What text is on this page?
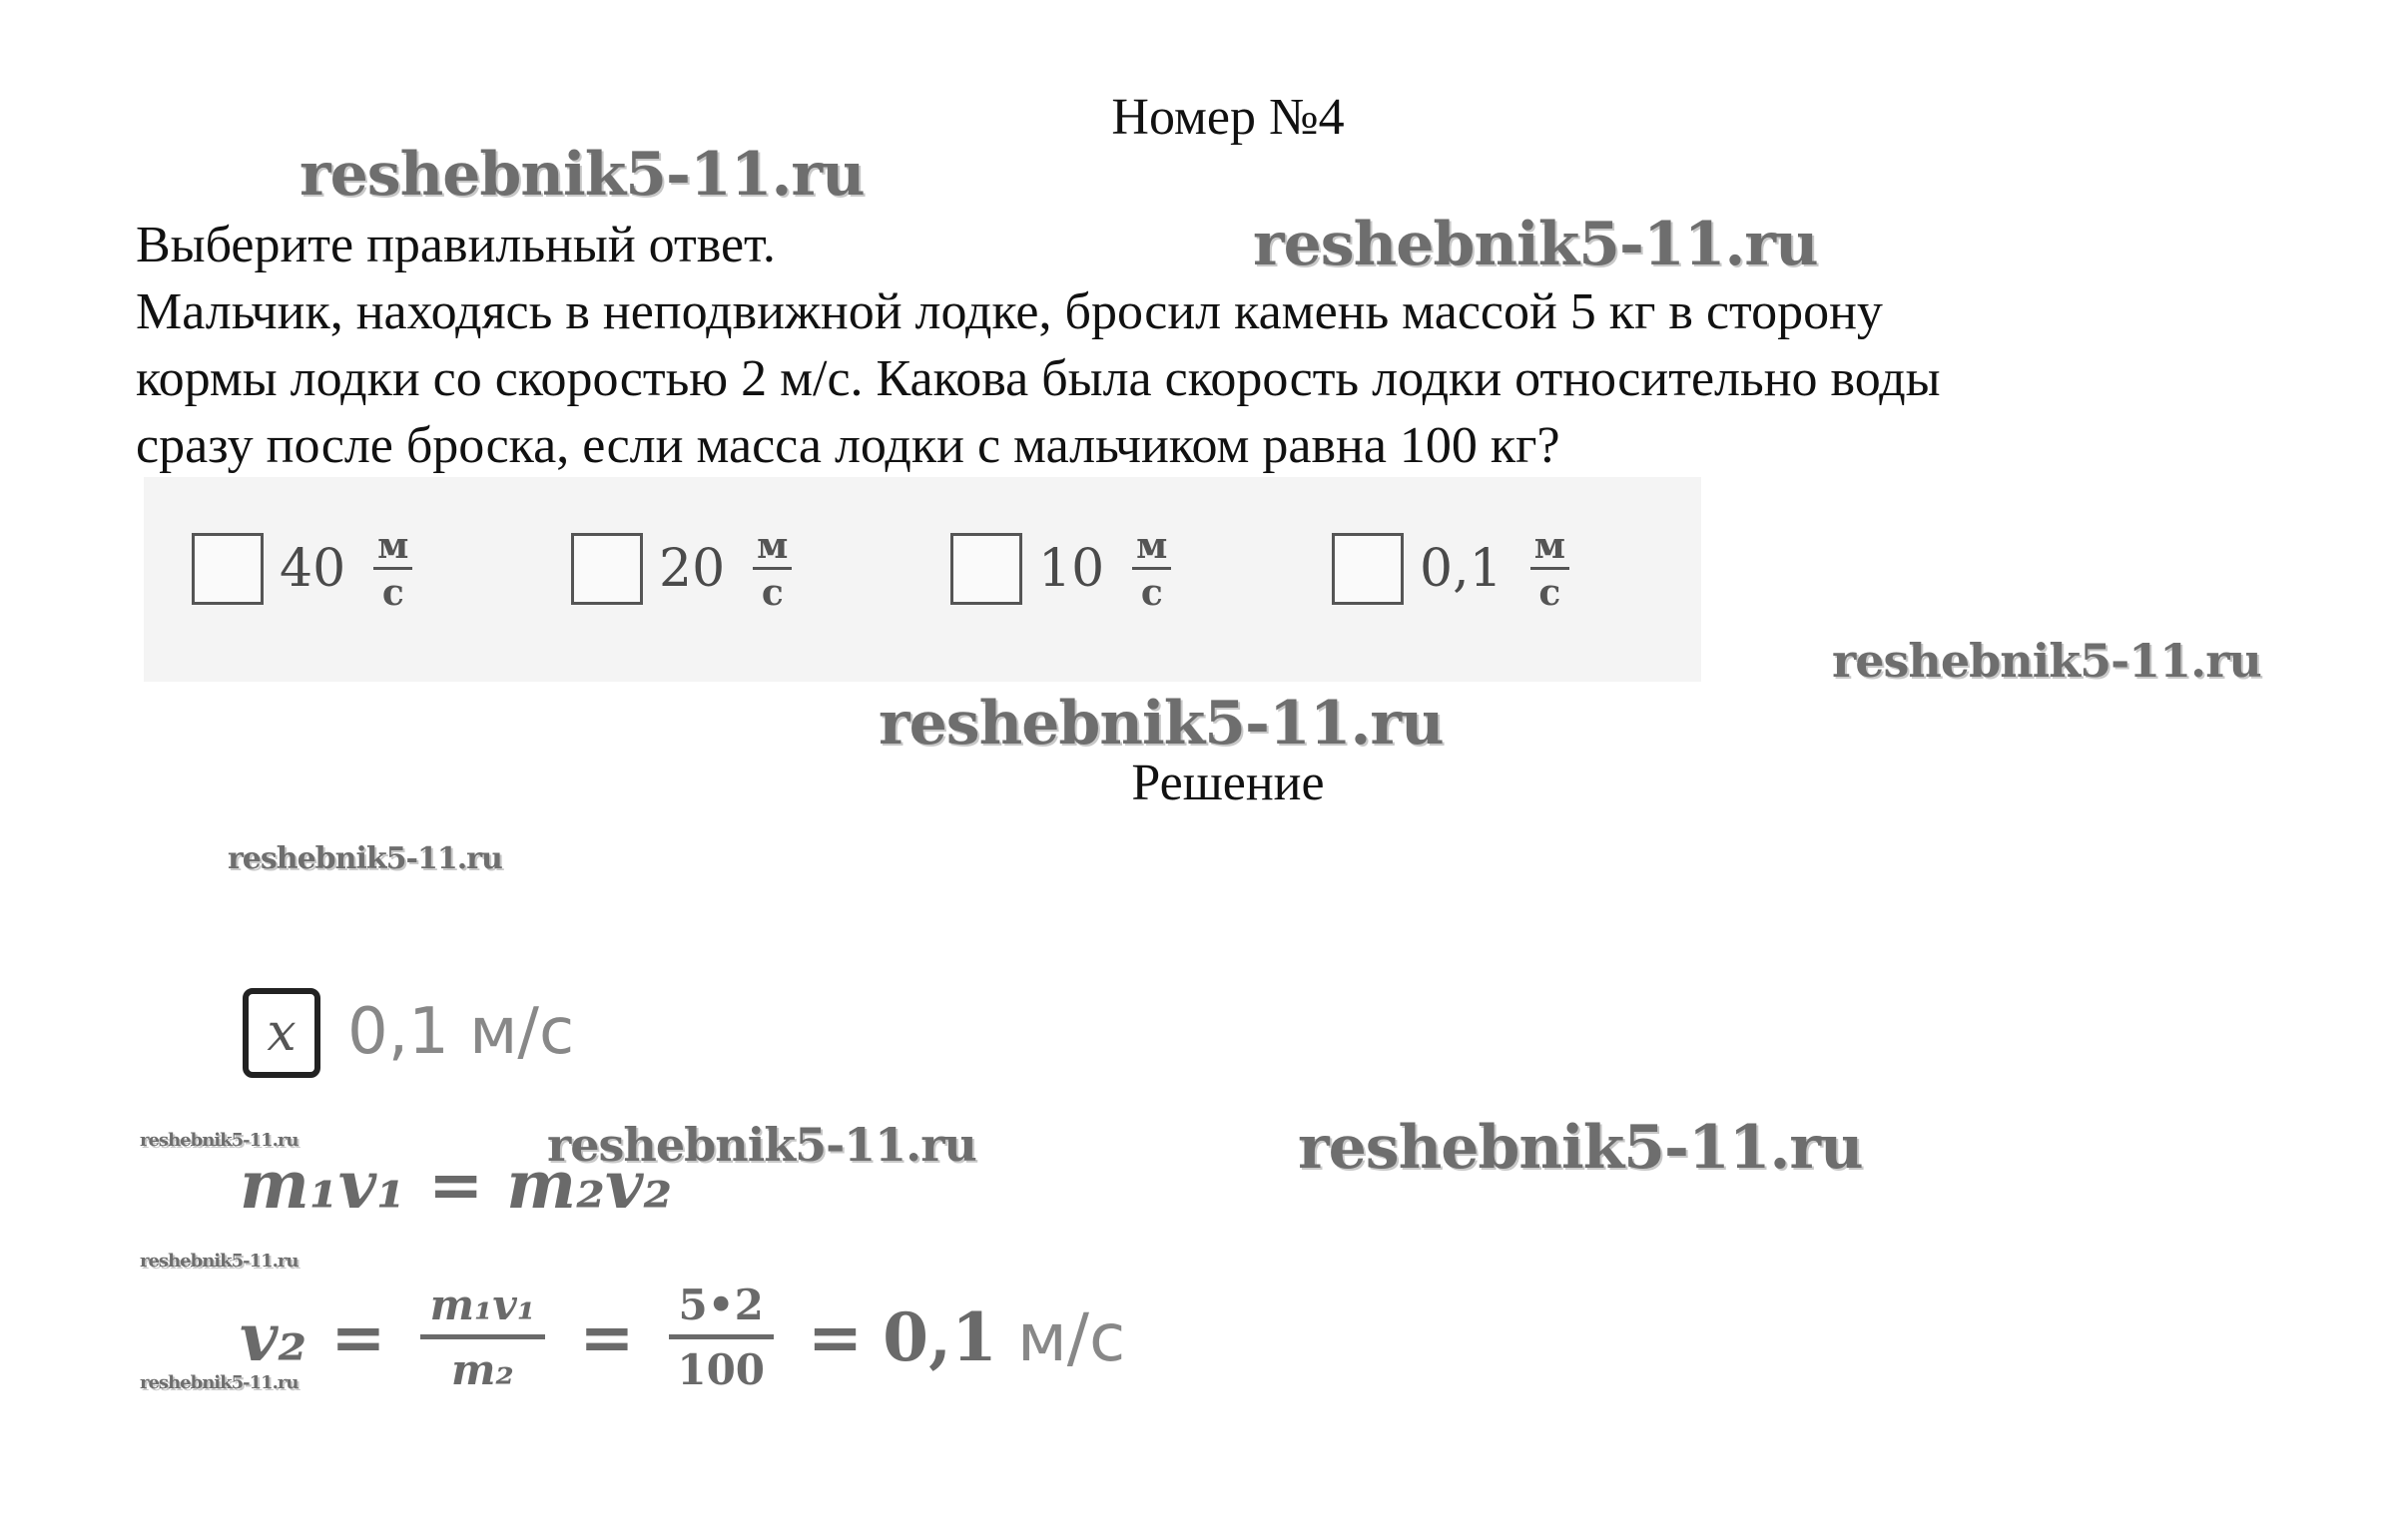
Номер №4
reshebnik5-11.ru
reshebnik5-11.ru
reshebnik5-11.ru
reshebnik5-11.ru
reshebnik5-11.ru
reshebnik5-11.ru	reshebnik5-11.ru	reshebnik5-11.ru
reshebnik5-11.ru
reshebnik5-11.ru
Выберите правильный ответ.
Мальчик, находясь в неподвижной лодке, бросил камень массой 5 кг в сторону
кормы лодки со скоростью 2 м/с. Какова была скорость лодки относительно воды
сразу после броска, если масса лодки с мальчиком равна 100 кг?
$40 \frac{м}{с}$	$20 \frac{м}{с}$	$10 \frac{м}{с}$	$0,1 \frac{м}{с}$
Решение
x 0,1 м/с
m₁v₁ = m₂v₂
$v_2 = \frac{\text{m₁v₁}}{\text{m₂}} = \frac{5•2}{100} = 0,1$ м/с
